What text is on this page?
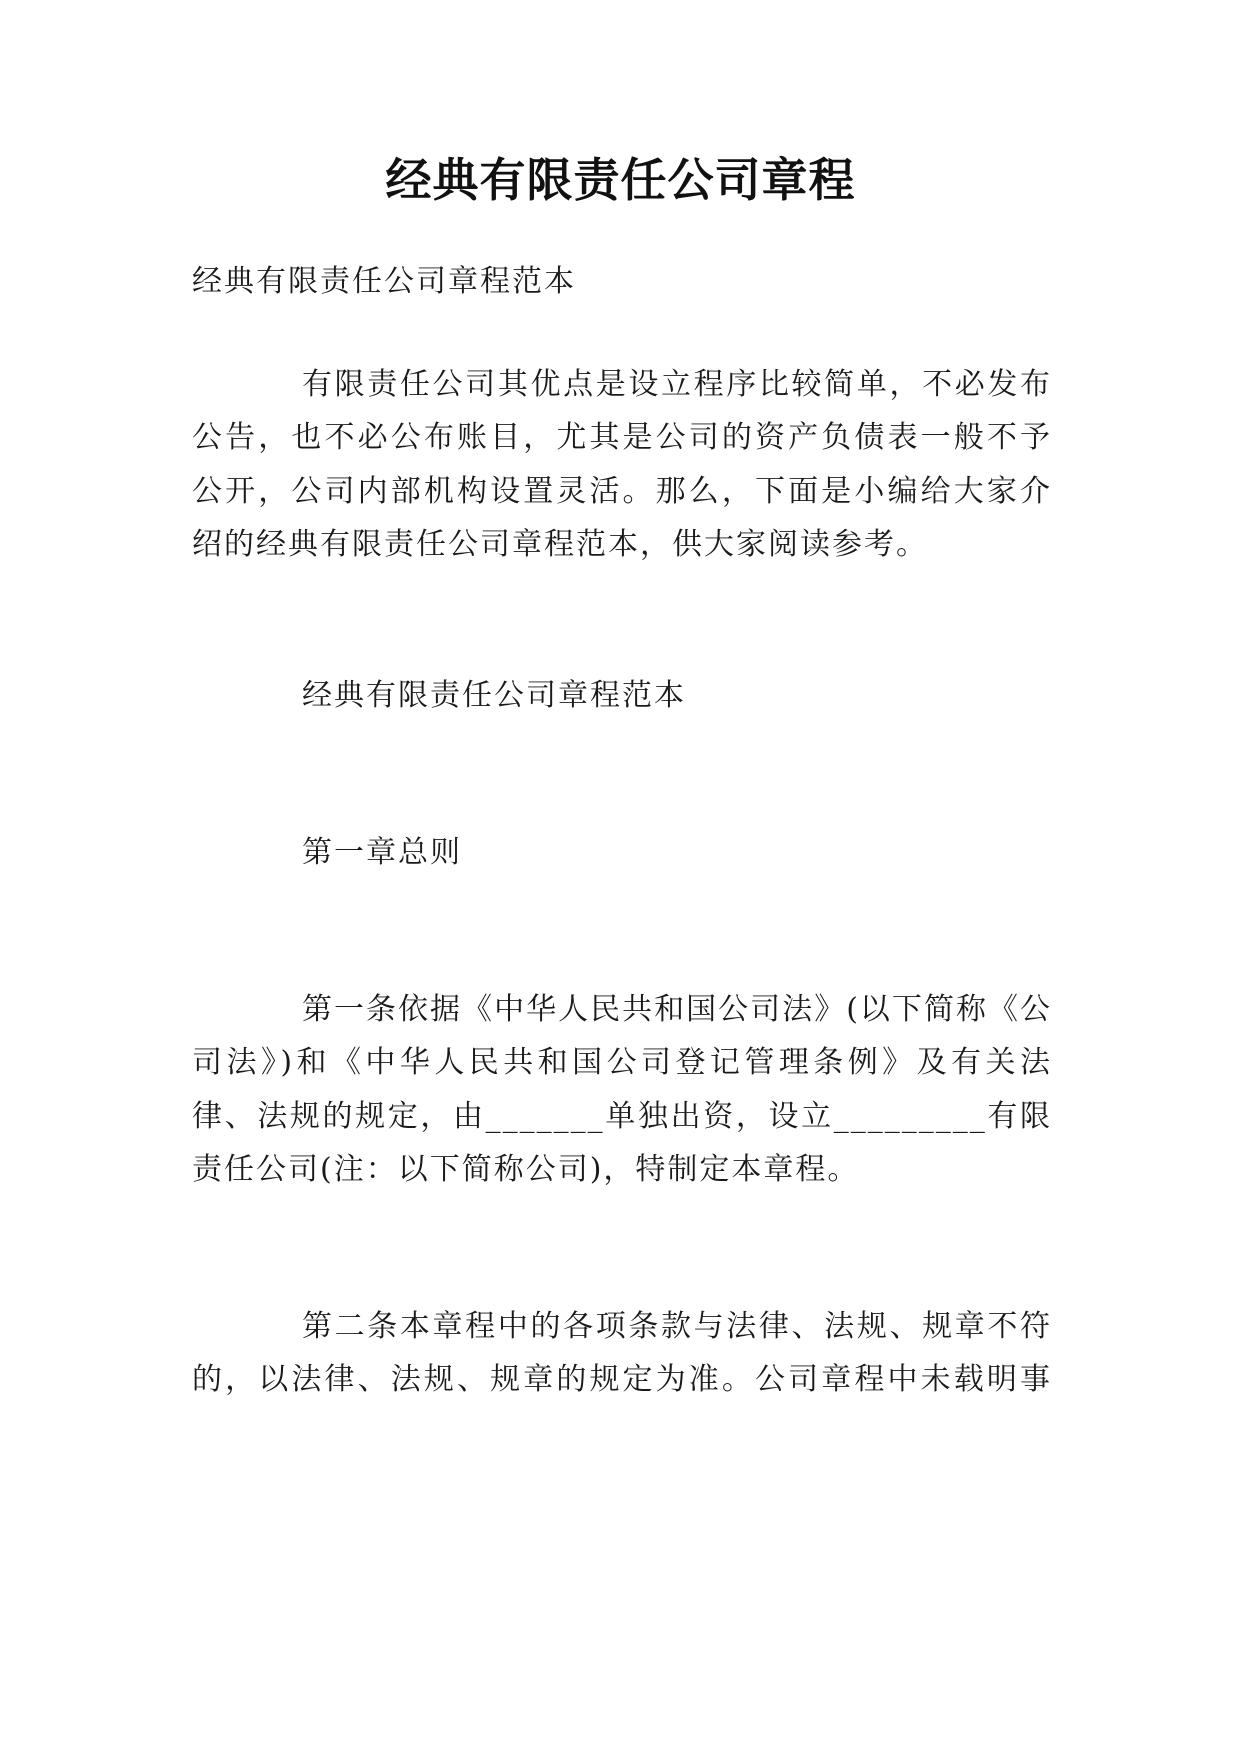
经典有限责任公司章程
经典有限责任公司章程范本
有限责任公司其优点是设立程序比较简单，不必发布
公告，也不必公布账目，尤其是公司的资产负债表一般不予
公开，公司内部机构设置灵活。那么，下面是小编给大家介
绍的经典有限责任公司章程范本，供大家阅读参考。
经典有限责任公司章程范本
第一章总则
第一条依据《中华人民共和国公司法》(以下简称《公
司法》)和《中华人民共和国公司登记管理条例》及有关法
律、法规的规定，由_______单独出资，设立_________有限
责任公司(注：以下简称公司)，特制定本章程。
第二条本章程中的各项条款与法律、法规、规章不符
的，以法律、法规、规章的规定为准。公司章程中未载明事
